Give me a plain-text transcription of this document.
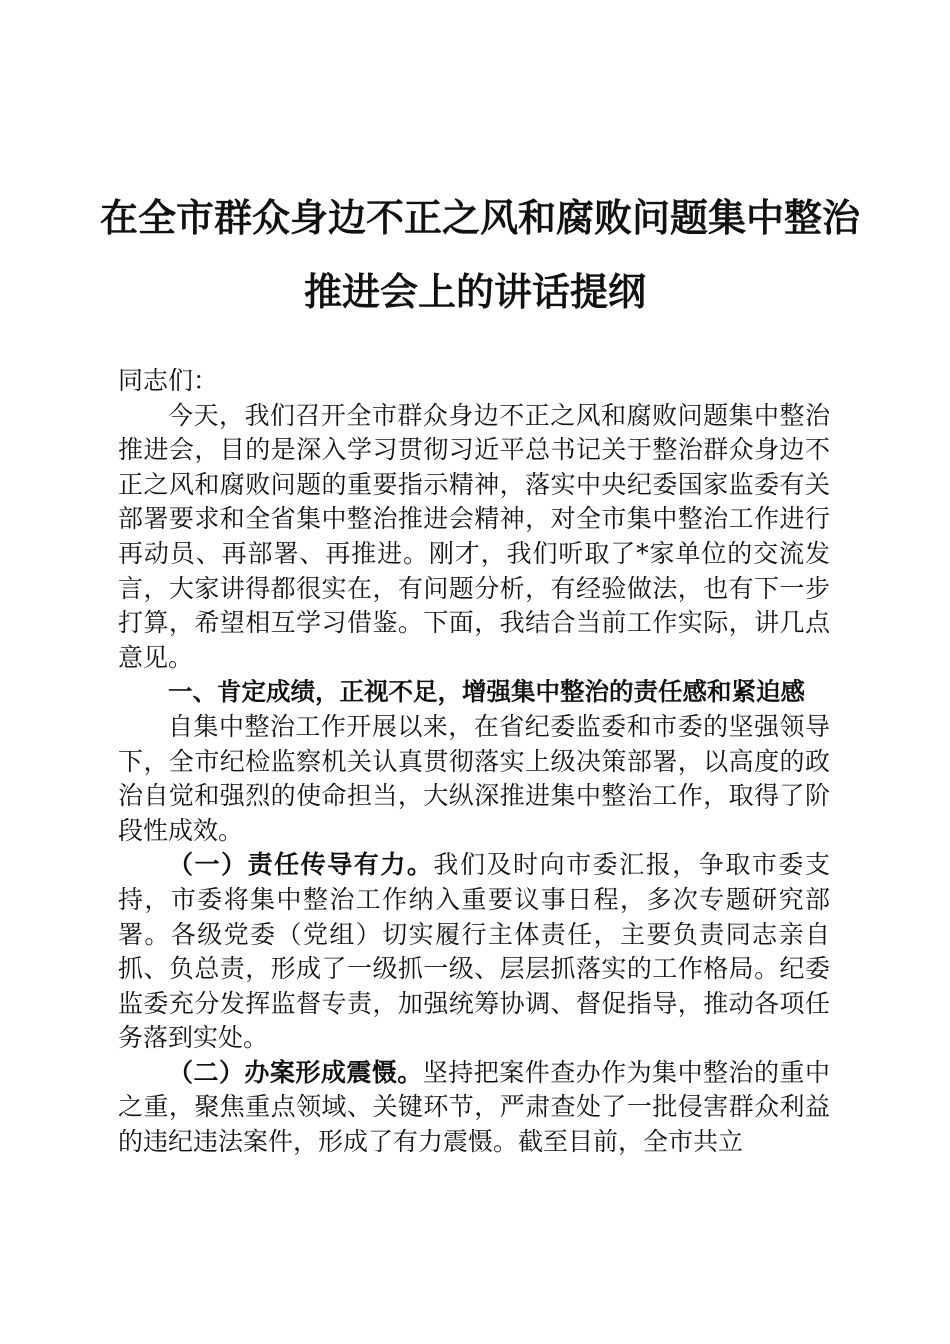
在全市群众身边不正之风和腐败问题集中整治
推进会上的讲话提纲

同志们：

今天，我们召开全市群众身边不正之风和腐败问题集中整治推进会，目的是深入学习贯彻习近平总书记关于整治群众身边不正之风和腐败问题的重要指示精神，落实中央纪委国家监委有关部署要求和全省集中整治推进会精神，对全市集中整治工作进行再动员、再部署、再推进。刚才，我们听取了*家单位的交流发言，大家讲得都很实在，有问题分析，有经验做法，也有下一步打算，希望相互学习借鉴。下面，我结合当前工作实际，讲几点意见。

一、肯定成绩，正视不足，增强集中整治的责任感和紧迫感

自集中整治工作开展以来，在省纪委监委和市委的坚强领导下，全市纪检监察机关认真贯彻落实上级决策部署，以高度的政治自觉和强烈的使命担当，大纵深推进集中整治工作，取得了阶段性成效。

（一）责任传导有力。我们及时向市委汇报，争取市委支持，市委将集中整治工作纳入重要议事日程，多次专题研究部署。各级党委（党组）切实履行主体责任，主要负责同志亲自抓、负总责，形成了一级抓一级、层层抓落实的工作格局。纪委监委充分发挥监督专责，加强统筹协调、督促指导，推动各项任务落到实处。

（二）办案形成震慑。坚持把案件查办作为集中整治的重中之重，聚焦重点领域、关键环节，严肃查处了一批侵害群众利益的违纪违法案件，形成了有力震慑。截至目前，全市共立
